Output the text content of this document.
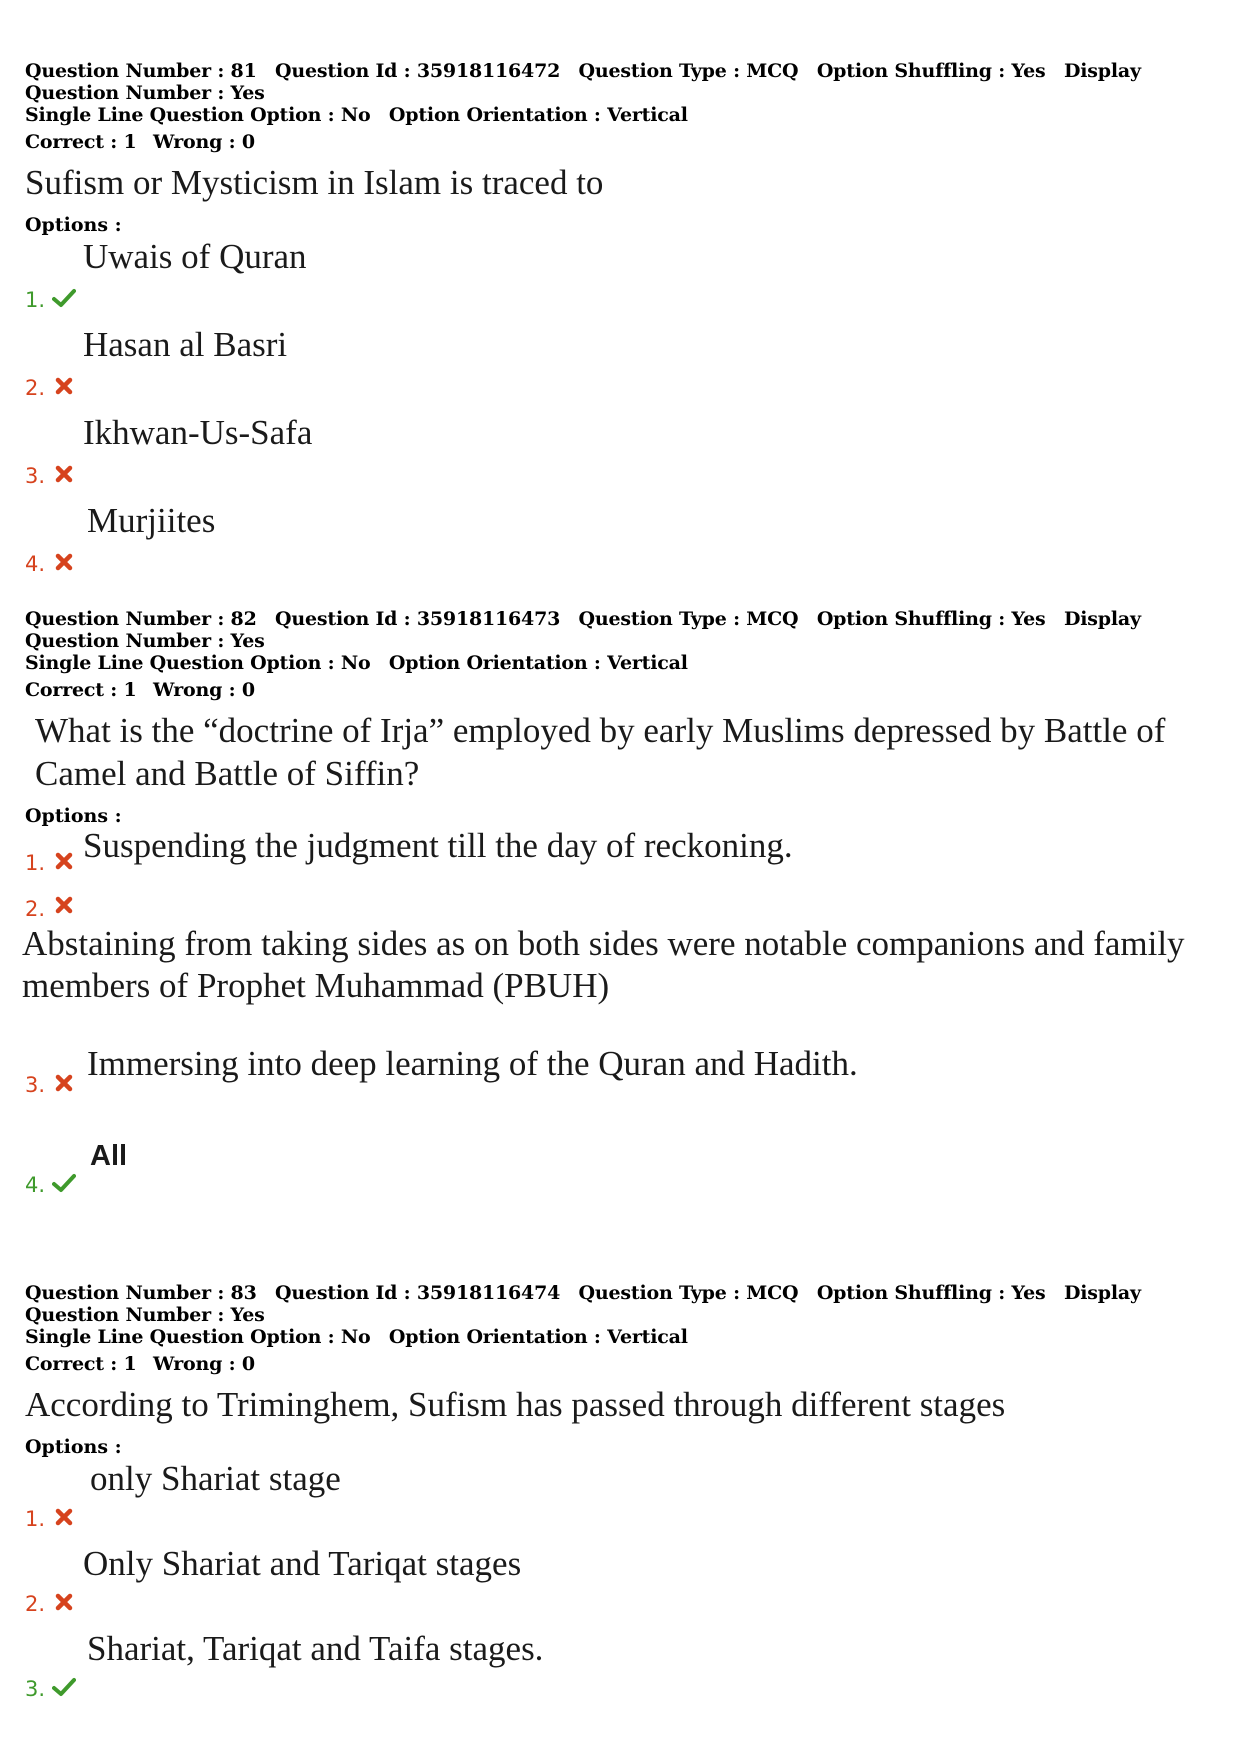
Question Number : 81 Question Id : 35918116472 Question Type : MCQ Option Shuffling : Yes Display Question Number : Yes
Single Line Question Option : No Option Orientation : Vertical
Correct : 1 Wrong : 0
Sufism or Mysticism in Islam is traced to
Options :
1.
Uwais of Quran
2.
Hasan al Basri
3.
Ikhwan-Us-Safa
4.
Murjiites
Question Number : 82 Question Id : 35918116473 Question Type : MCQ Option Shuffling : Yes Display Question Number : Yes
Single Line Question Option : No Option Orientation : Vertical
Correct : 1 Wrong : 0
What is the “doctrine of Irja” employed by early Muslims depressed by Battle of Camel and Battle of Siffin?
Options :
1. Suspending the judgment till the day of reckoning.
2.
Abstaining from taking sides as on both sides were notable companions and family members of Prophet Muhammad (PBUH)
3.
Immersing into deep learning of the Quran and Hadith.
4.
All
Question Number : 83 Question Id : 35918116474 Question Type : MCQ Option Shuffling : Yes Display Question Number : Yes
Single Line Question Option : No Option Orientation : Vertical
Correct : 1 Wrong : 0
According to Triminghem, Sufism has passed through different stages
Options :
1.
only Shariat stage
2.
Only Shariat and Tariqat stages
3.
Shariat, Tariqat and Taifa stages.
